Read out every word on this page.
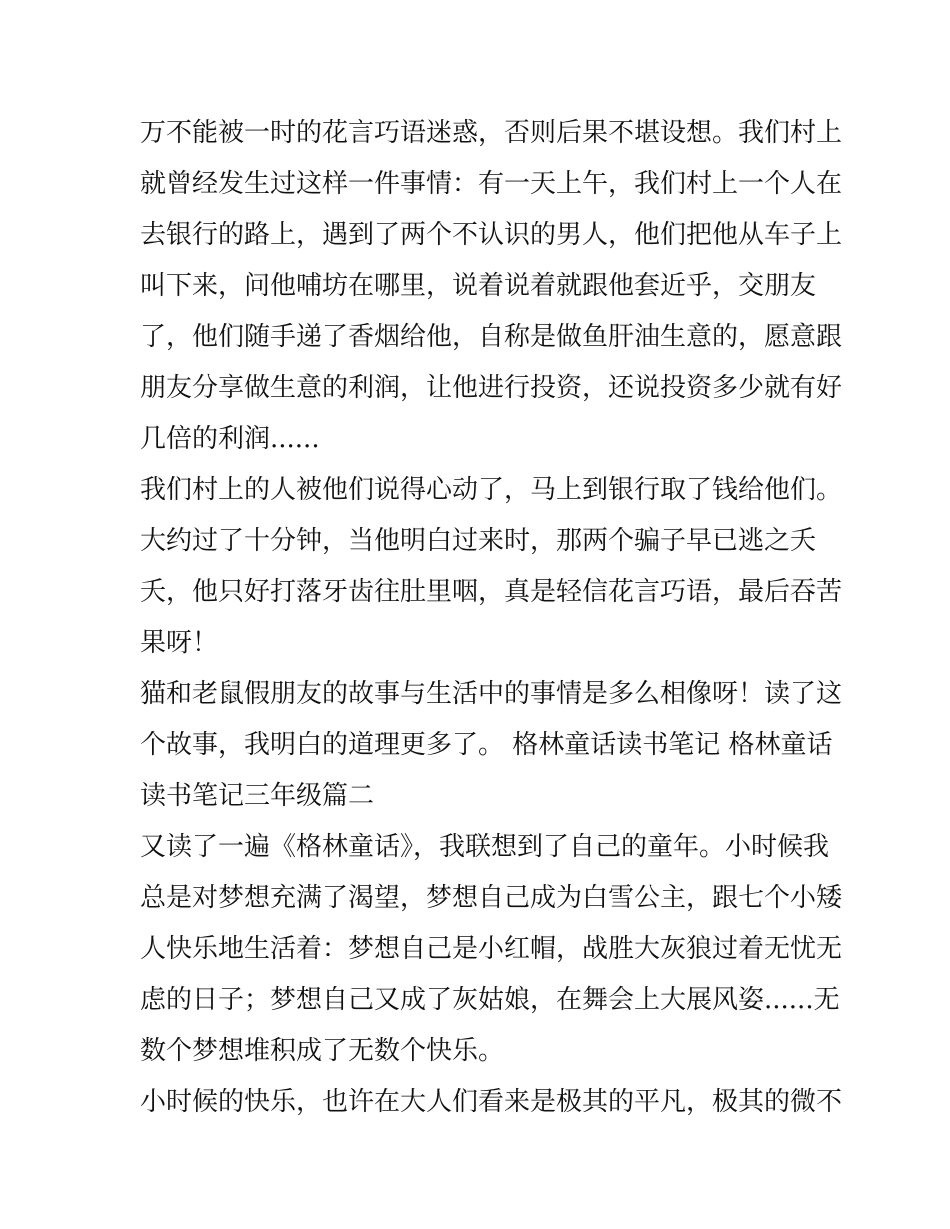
万不能被一时的花言巧语迷惑，否则后果不堪设想。我们村上
就曾经发生过这样一件事情：有一天上午，我们村上一个人在
去银行的路上，遇到了两个不认识的男人，他们把他从车子上
叫下来，问他哺坊在哪里，说着说着就跟他套近乎，交朋友
了，他们随手递了香烟给他，自称是做鱼肝油生意的，愿意跟
朋友分享做生意的利润，让他进行投资，还说投资多少就有好
几倍的利润......
我们村上的人被他们说得心动了，马上到银行取了钱给他们。
大约过了十分钟，当他明白过来时，那两个骗子早已逃之夭
夭，他只好打落牙齿往肚里咽，真是轻信花言巧语，最后吞苦
果呀！
猫和老鼠假朋友的故事与生活中的事情是多么相像呀！读了这
个故事，我明白的道理更多了。 格林童话读书笔记 格林童话
读书笔记三年级篇二
又读了一遍《格林童话》，我联想到了自己的童年。小时候我
总是对梦想充满了渴望，梦想自己成为白雪公主，跟七个小矮
人快乐地生活着：梦想自己是小红帽，战胜大灰狼过着无忧无
虑的日子；梦想自己又成了灰姑娘，在舞会上大展风姿......无
数个梦想堆积成了无数个快乐。
小时候的快乐，也许在大人们看来是极其的平凡，极其的微不
